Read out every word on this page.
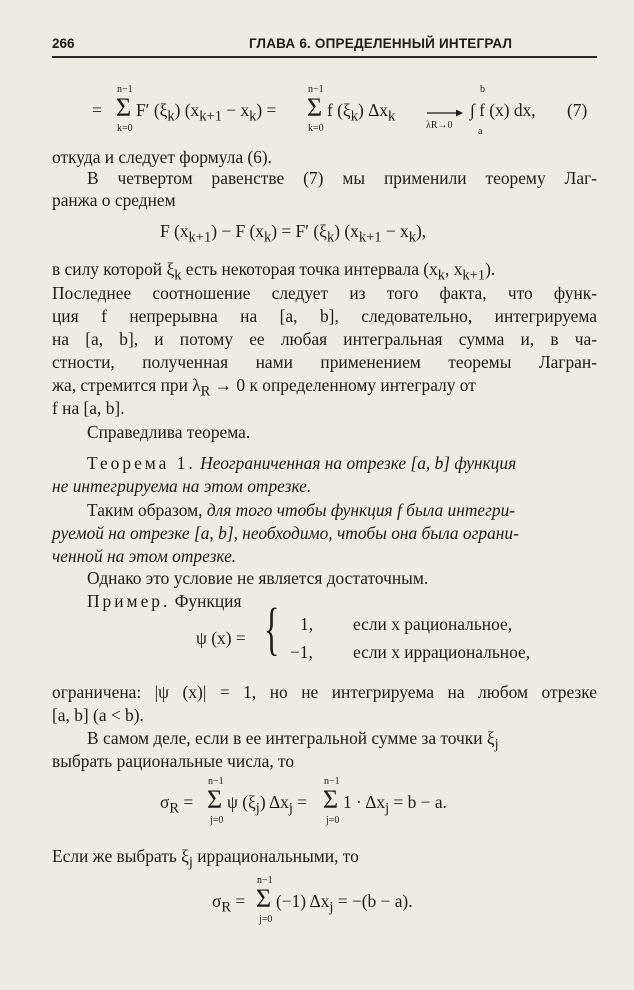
266	ГЛАВА 6. ОПРЕДЕЛЕННЫЙ ИНТЕГРАЛ
=
n−1
Σ
k=0
F′ $(\xi_k) (x_{k+1} - x_k)$ =
n−1
Σ
k=0
f $(\xi_k)$ $\Delta x_k$
λR→0
b
a
∫ f (x) dx, (7)
откуда и следует формула (6).
В четвертом равенстве (7) мы применили теорему Лаг-
ранжа о среднем
F $(x_{k+1}) - F$ $(x_k) = F'$ $(\xi_k) (x_{k+1} - x_k)$,
в силу которой $\xi_k$ есть некоторая точка интервала ($x_k$, $x_{k+1}$).
Последнее соотношение следует из того факта, что функ-
ция f непрерывна на [a, b], следовательно, интегрируема
на [a, b], и потому ее любая интегральная сумма и, в ча-
стности, полученная нами применением теоремы Лагран-
жа, стремится при $\lambda_R \to 0$ к определенному интегралу от
f на [a, b].
Справедлива теорема.
Теорема 1. Неограниченная на отрезке [a, b] функция
не интегрируема на этом отрезке.
Таким образом, для того чтобы функция f была интегри-
руемой на отрезке [a, b], необходимо, чтобы она была ограни-
ченной на этом отрезке.
Однако это условие не является достаточным.
Пример. Функция
ψ (x) = { 1, если x рациональное,
−1, если x иррациональное,
ограничена: |ψ (x)| = 1, но не интегрируема на любом отрезке
[a, b] (a < b).
В самом деле, если в ее интегральной сумме за точки $\xi_j$
выбрать рациональные числа, то
$\sigma_R$ =
n−1
Σ
j=0
ψ $(\xi_j) \Delta x_j$ =
n−1
Σ
j=0
$1 \cdot \Delta x_j = b - a$.
Если же выбрать $\xi_j$ иррациональными, то
$\sigma_R$ =
n−1
Σ
j=0
(−1) $\Delta x_j = -(b - a)$.
